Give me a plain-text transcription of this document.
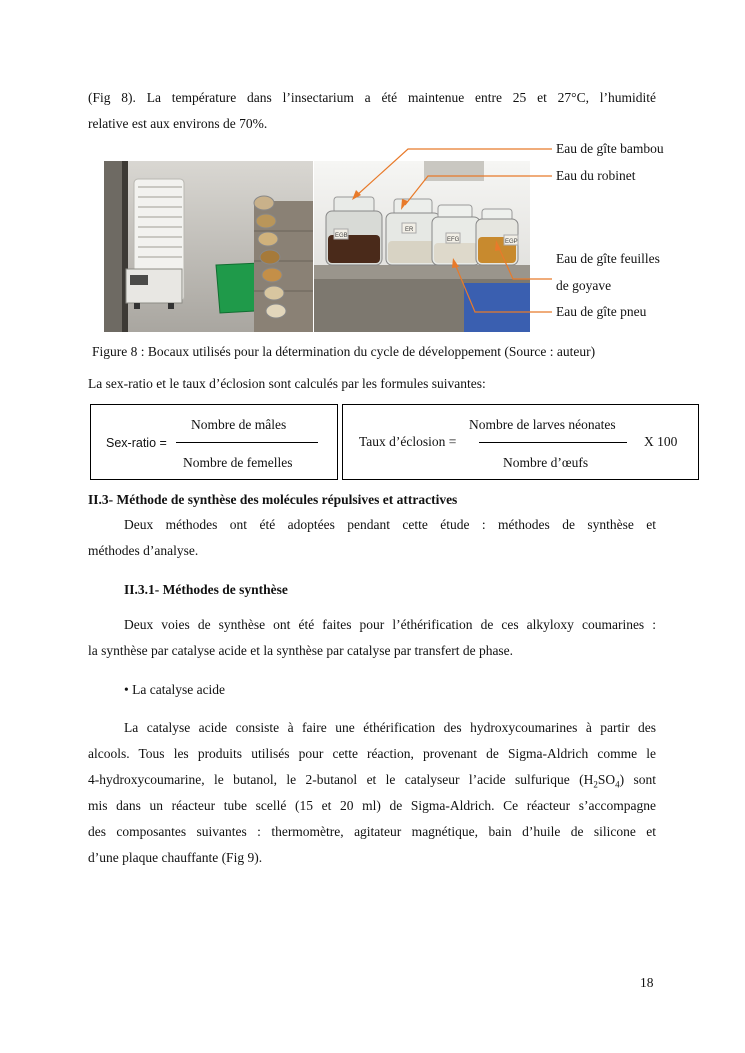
(Fig 8). La température dans l’insectarium a été maintenue entre 25 et 27°C, l’humidité
relative est aux environs de 70%.
EGB
ER
EFG	EGP
Eau de gîte bambou
Eau du robinet
Eau de gîte feuilles
de goyave
Eau de gîte pneu
Figure 8 : Bocaux utilisés pour la détermination du cycle de développement (Source : auteur)
La sex-ratio et le taux d’éclosion sont calculés par les formules suivantes:
Sex-ratio =
Nombre de mâles
Nombre de femelles
Taux d’éclosion =
Nombre de larves néonates
Nombre d’œufs
X 100
II.3- Méthode de synthèse des molécules répulsives et attractives
Deux méthodes ont été adoptées pendant cette étude : méthodes de synthèse et
méthodes d’analyse.
II.3.1- Méthodes de synthèse
Deux voies de synthèse ont été faites pour l’éthérification de ces alkyloxy coumarines :
la synthèse par catalyse acide et la synthèse par catalyse par transfert de phase.
• La catalyse acide
La catalyse acide consiste à faire une éthérification des hydroxycoumarines à partir des
alcools. Tous les produits utilisés pour cette réaction, provenant de Sigma-Aldrich comme le
4-hydroxycoumarine, le butanol, le 2-butanol et le catalyseur l’acide sulfurique $(H_2SO_4)$ sont
mis dans un réacteur tube scellé (15 et 20 ml) de Sigma-Aldrich. Ce réacteur s’accompagne
des composantes suivantes : thermomètre, agitateur magnétique, bain d’huile de silicone et
d’une plaque chauffante (Fig 9).
18
